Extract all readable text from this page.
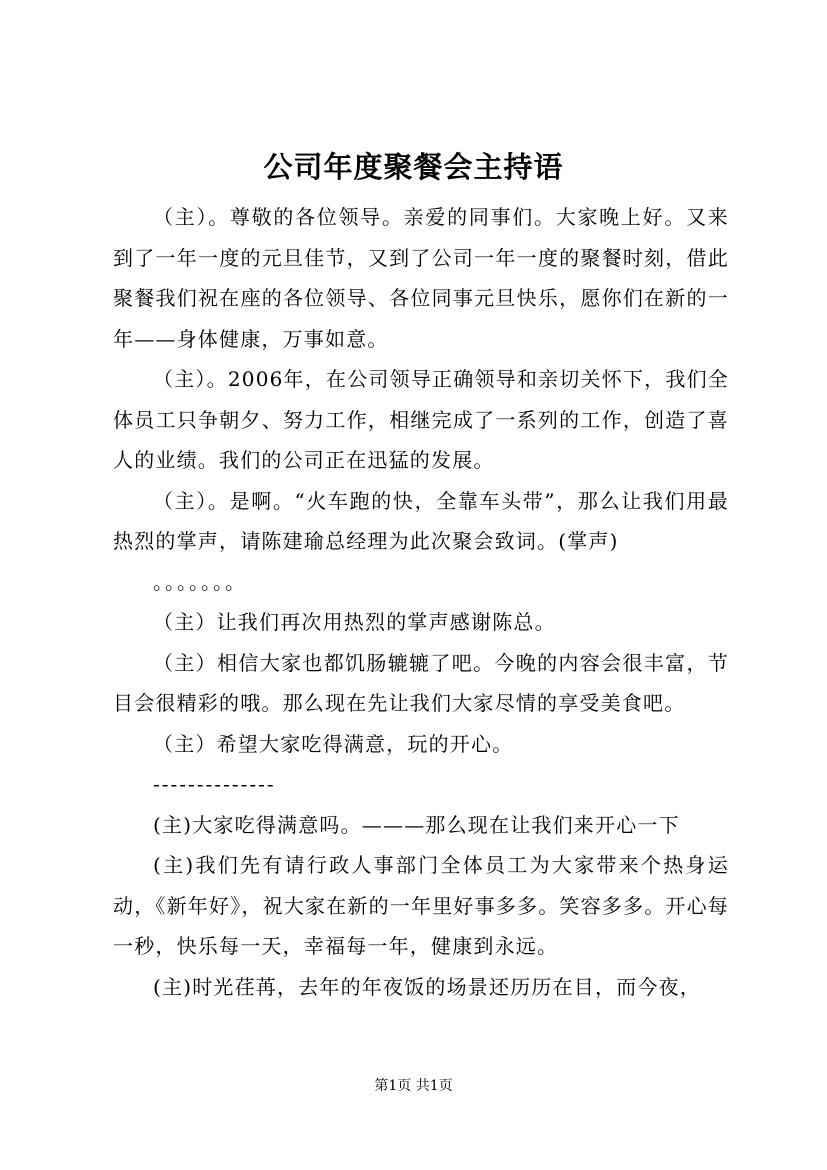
公司年度聚餐会主持语

（主）。尊敬的各位领导。亲爱的同事们。大家晚上好。又来到了一年一度的元旦佳节，又到了公司一年一度的聚餐时刻，借此聚餐我们祝在座的各位领导、各位同事元旦快乐，愿你们在新的一年——身体健康，万事如意。

（主）。2006年，在公司领导正确领导和亲切关怀下，我们全体员工只争朝夕、努力工作，相继完成了一系列的工作，创造了喜人的业绩。我们的公司正在迅猛的发展。

（主）。是啊。“火车跑的快，全靠车头带”，那么让我们用最热烈的掌声，请陈建瑜总经理为此次聚会致词。(掌声)

。。。。。。。

（主）让我们再次用热烈的掌声感谢陈总。

（主）相信大家也都饥肠辘辘了吧。今晚的内容会很丰富，节目会很精彩的哦。那么现在先让我们大家尽情的享受美食吧。

（主）希望大家吃得满意，玩的开心。

--------------

(主)大家吃得满意吗。———那么现在让我们来开心一下

(主)我们先有请行政人事部门全体员工为大家带来个热身运动，《新年好》，祝大家在新的一年里好事多多。笑容多多。开心每一秒，快乐每一天，幸福每一年，健康到永远。

(主)时光荏苒，去年的年夜饭的场景还历历在目，而今夜，

第1页 共1页
